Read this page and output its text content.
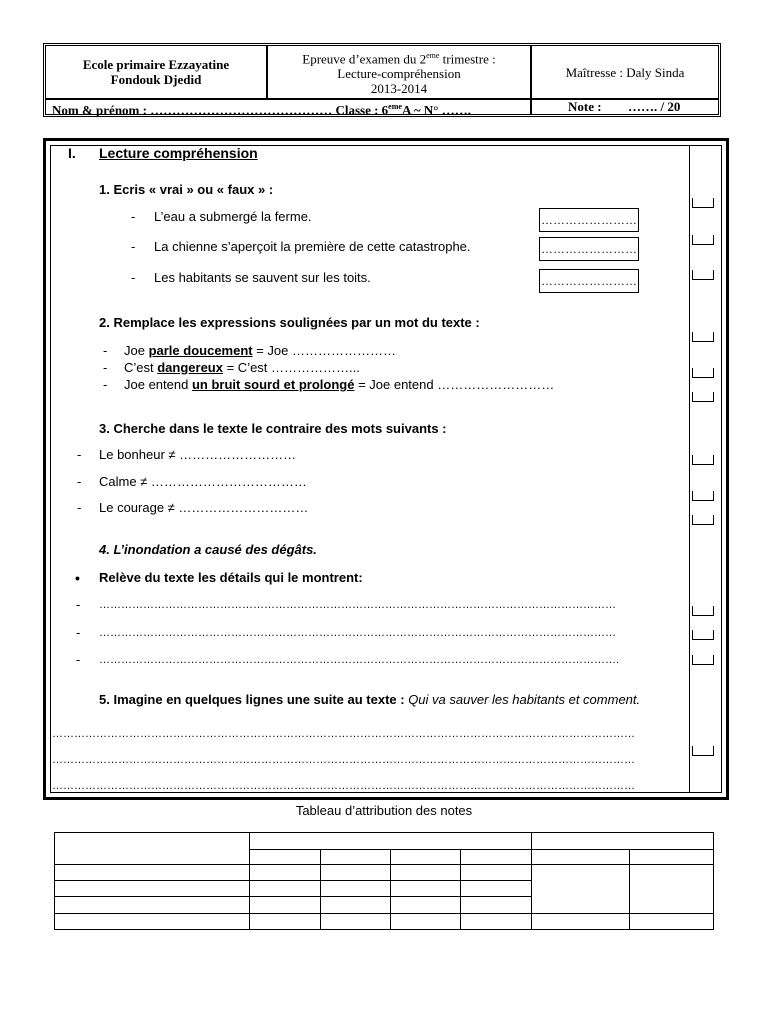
Ecole primaire Ezzayatine
Fondouk Djedid
Epreuve d’examen du 2eme trimestre :
Lecture-compréhension
2013-2014
Maîtresse : Daly Sinda
Nom & prénom : …………………………………… Classe : 6emeA ~ N° …….	Note : ……. / 20
I. Lecture compréhension
1. Ecris « vrai » ou « faux » :
- L’eau a submergé la ferme.	……………………
- La chienne s’aperçoit la première de cette catastrophe.	……………………
- Les habitants se sauvent sur les toits.	……………………
2. Remplace les expressions soulignées par un mot du texte :
- Joe parle doucement = Joe ……………………
- C’est dangereux = C’est ………………...
- Joe entend un bruit sourd et prolongé = Joe entend ………………………
3. Cherche dans le texte le contraire des mots suivants :
- Le bonheur ≠ ………………………
- Calme ≠ ………………………………
- Le courage ≠ …………………………
4. L’inondation a causé des dégâts.
• Relève du texte les détails qui le montrent:
- ……………………………………………………………………………………………………………………………
- ……………………………………………………………………………………………………………………………
- …………………………………………………………………………………………………………………………….
5. Imagine en quelques lignes une suite au texte : Qui va sauver les habitants et comment.
……………………………………………………………………………………………………………………………………………
……………………………………………………………………………………………………………………………………………
……………………………………………………………………………………………………………………………………………
Tableau d’attribution des notes
